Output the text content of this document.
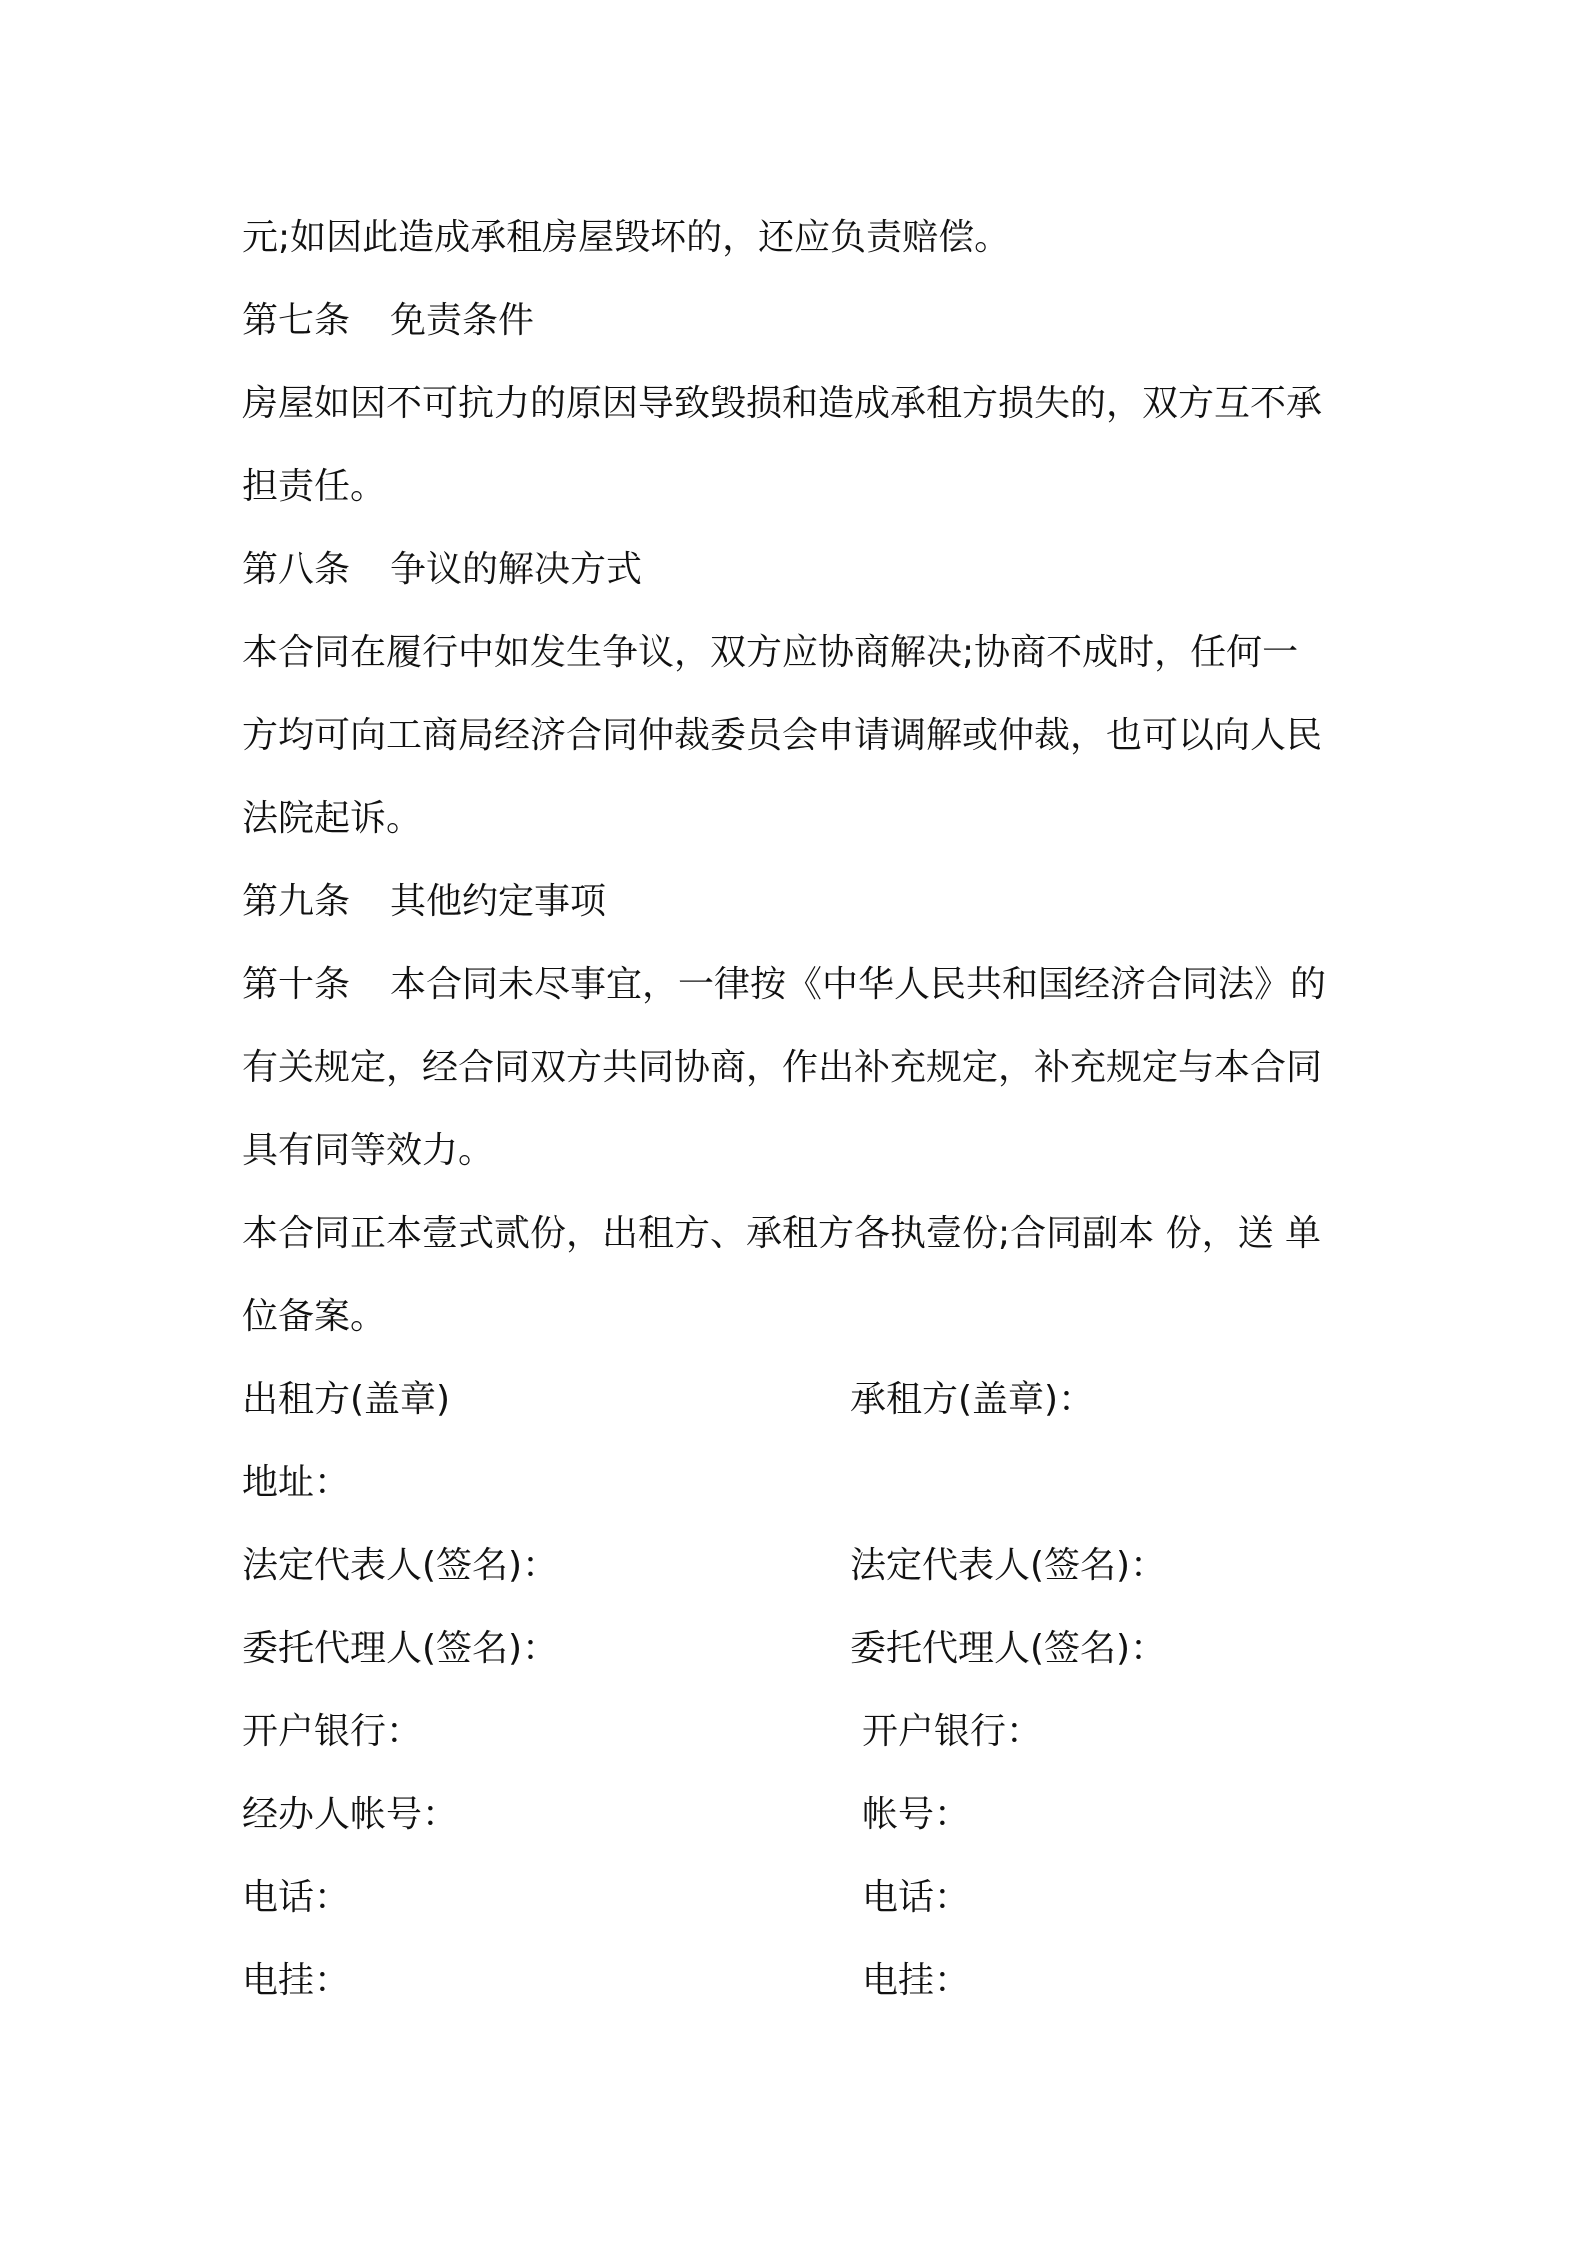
元;如因此造成承租房屋毁坏的，还应负责赔偿。
第七条 免责条件
房屋如因不可抗力的原因导致毁损和造成承租方损失的，双方互不承
担责任。
第八条 争议的解决方式
本合同在履行中如发生争议，双方应协商解决;协商不成时，任何一
方均可向工商局经济合同仲裁委员会申请调解或仲裁，也可以向人民
法院起诉。
第九条 其他约定事项
第十条 本合同未尽事宜，一律按《中华人民共和国经济合同法》的
有关规定，经合同双方共同协商，作出补充规定，补充规定与本合同
具有同等效力。
本合同正本壹式贰份，出租方、承租方各执壹份;合同副本 份，送 单
位备案。
出租方(盖章)	承租方(盖章)：
地址：
法定代表人(签名)：	法定代表人(签名)：
委托代理人(签名)：	委托代理人(签名)：
开户银行：	开户银行：
经办人帐号：	帐号：
电话：	电话：
电挂：	电挂：
